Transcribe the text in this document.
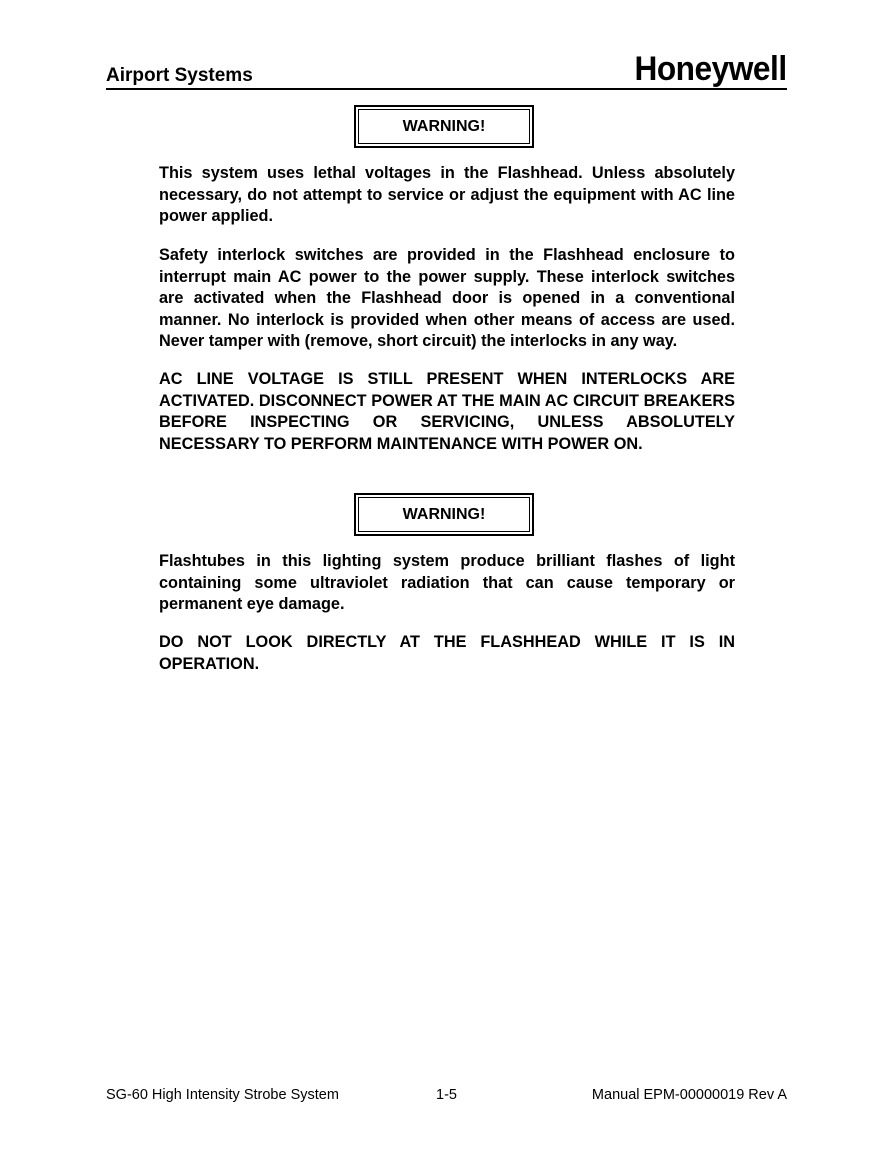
Airport Systems	Honeywell
WARNING!

This system uses lethal voltages in the Flashhead. Unless absolutely necessary, do not attempt to service or adjust the equipment with AC line power applied.

Safety interlock switches are provided in the Flashhead enclosure to interrupt main AC power to the power supply. These interlock switches are activated when the Flashhead door is opened in a conventional manner. No interlock is provided when other means of access are used. Never tamper with (remove, short circuit) the interlocks in any way.

AC LINE VOLTAGE IS STILL PRESENT WHEN INTERLOCKS ARE ACTIVATED. DISCONNECT POWER AT THE MAIN AC CIRCUIT BREAKERS BEFORE INSPECTING OR SERVICING, UNLESS ABSOLUTELY NECESSARY TO PERFORM MAINTENANCE WITH POWER ON.

WARNING!

Flashtubes in this lighting system produce brilliant flashes of light containing some ultraviolet radiation that can cause temporary or permanent eye damage.

DO NOT LOOK DIRECTLY AT THE FLASHHEAD WHILE IT IS IN OPERATION.

SG-60 High Intensity Strobe System	1-5	Manual EPM-00000019 Rev A
